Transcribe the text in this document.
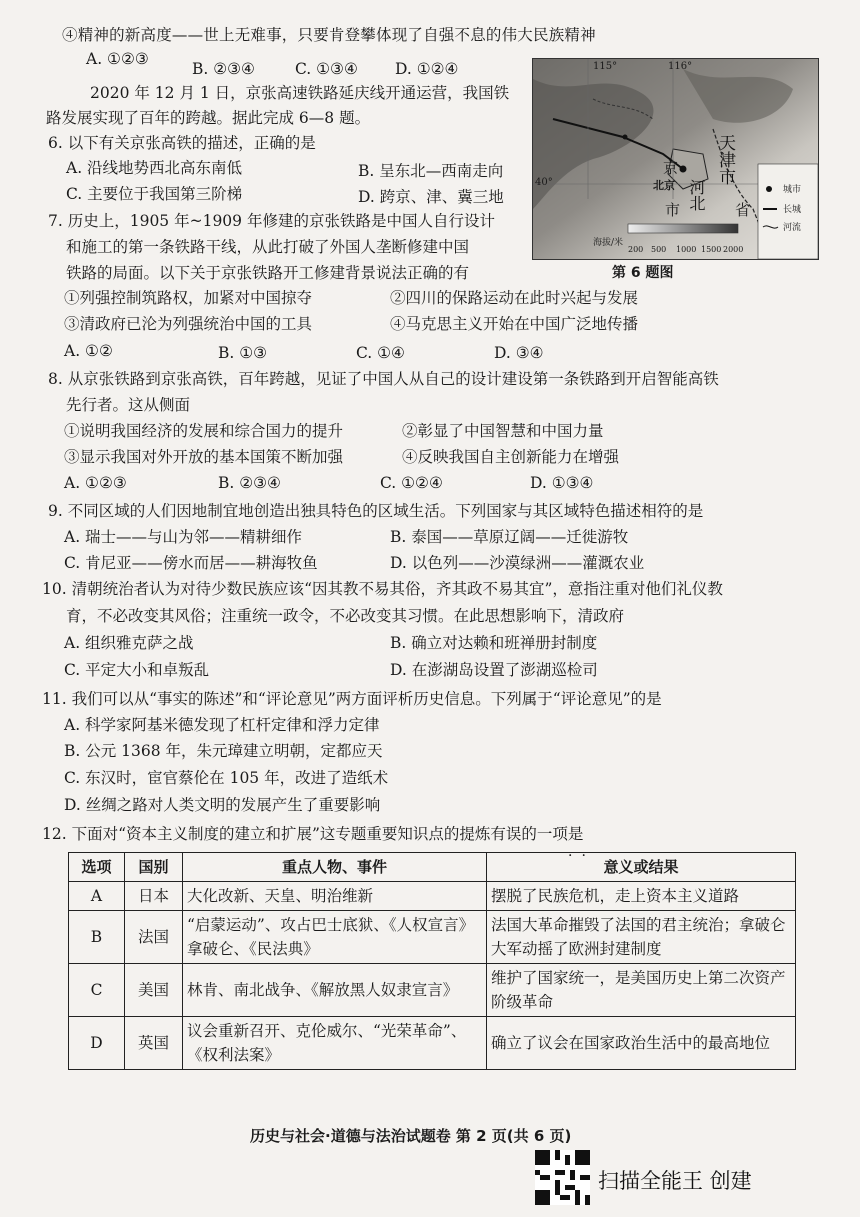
④精神的新高度——世上无难事，只要肯登攀体现了自强不息的伟大民族精神
A. ①②③
B. ②③④	C. ①③④ D. ①②④
2020 年 12 月 1 日，京张高速铁路延庆线开通运营，我国铁
路发展实现了百年的跨越。据此完成 6—8 题。
6. 以下有关京张高铁的描述，正确的是
A. 沿线地势西北高东南低	B. 呈东北—西南走向
C. 主要位于我国第三阶梯	D. 跨京、津、冀三地
7. 历史上，1905 年~1909 年修建的京张铁路是中国人自行设计
和施工的第一条铁路干线，从此打破了外国人垄断修建中国
铁路的局面。以下关于京张铁路开工修建背景说法正确的有
①列强控制筑路权，加紧对中国掠夺	②四川的保路运动在此时兴起与发展
③清政府已沦为列强统治中国的工具	④马克思主义开始在中国广泛地传播
A. ①②	B. ①③	C. ①④	D. ③④
115°	116°
40°	北京
天津市
河北
京
市	省
城市
长城
河流
海拔/米
200 500 1000 1500 2000
第 6 题图
8. 从京张铁路到京张高铁，百年跨越，见证了中国人从自己的设计建设第一条铁路到开启智能高铁
先行者。这从侧面
①说明我国经济的发展和综合国力的提升	②彰显了中国智慧和中国力量
③显示我国对外开放的基本国策不断加强	④反映我国自主创新能力在增强
A. ①②③	B. ②③④	C. ①②④	D. ①③④
9. 不同区域的人们因地制宜地创造出独具特色的区域生活。下列国家与其区域特色描述相符的是
A. 瑞士——与山为邻——精耕细作	B. 泰国——草原辽阔——迁徙游牧
C. 肯尼亚——傍水而居——耕海牧鱼	D. 以色列——沙漠绿洲——灌溉农业
10. 清朝统治者认为对待少数民族应该“因其教不易其俗，齐其政不易其宜”，意指注重对他们礼仪教
育，不必改变其风俗；注重统一政令，不必改变其习惯。在此思想影响下，清政府
A. 组织雅克萨之战	B. 确立对达赖和班禅册封制度
C. 平定大小和卓叛乱	D. 在澎湖岛设置了澎湖巡检司
11. 我们可以从“事实的陈述”和“评论意见”两方面评析历史信息。下列属于“评论意见”的是
A. 科学家阿基米德发现了杠杆定律和浮力定律
B. 公元 1368 年，朱元璋建立明朝，定都应天
C. 东汉时，宦官蔡伦在 105 年，改进了造纸术
D. 丝绸之路对人类文明的发展产生了重要影响
12. 下面对“资本主义制度的建立和扩展”这专题重要知识点的提炼有误的一项是
··
选项	国别	重点人物、事件	意义或结果
A	日本	大化改新、天皇、明治维新	摆脱了民族危机，走上资本主义道路
B	法国	“启蒙运动”、攻占巴士底狱、《人权宣言》拿破仑、《民法典》	法国大革命摧毁了法国的君主统治；拿破仑大军动摇了欧洲封建制度
C	美国	林肯、南北战争、《解放黑人奴隶宣言》	维护了国家统一，是美国历史上第二次资产阶级革命
D	英国	议会重新召开、克伦威尔、“光荣革命”、《权利法案》	确立了议会在国家政治生活中的最高地位
历史与社会·道德与法治试题卷 第 2 页(共 6 页)
扫描全能王 创建
